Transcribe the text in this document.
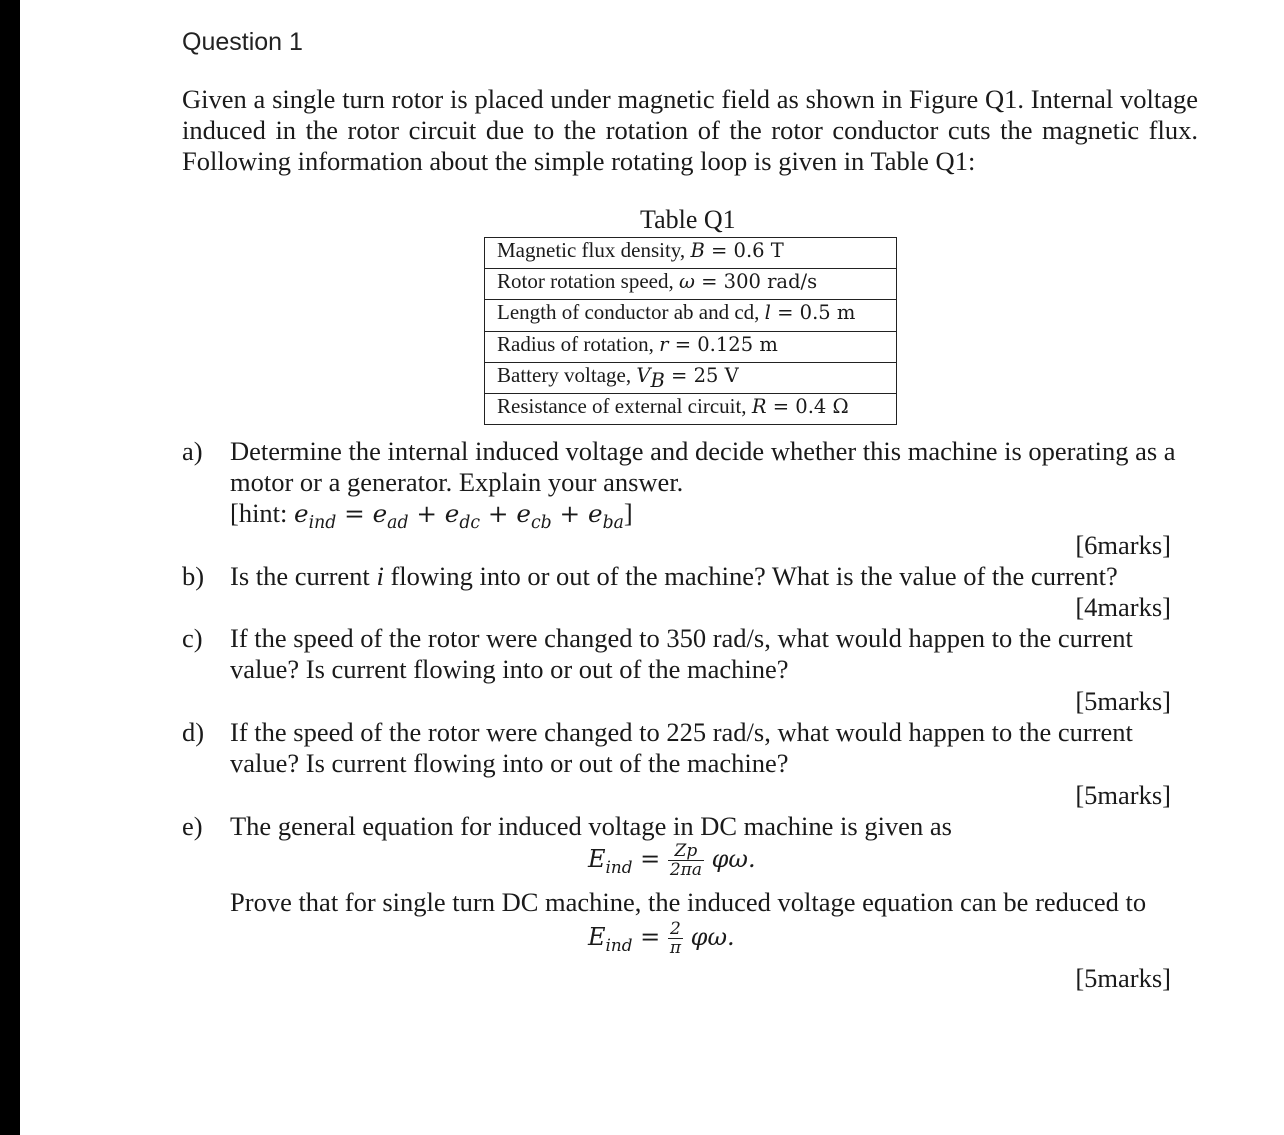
Question 1
Given a single turn rotor is placed under magnetic field as shown in Figure Q1. Internal voltage induced in the rotor circuit due to the rotation of the rotor conductor cuts the magnetic flux. Following information about the simple rotating loop is given in Table Q1:
Table Q1
Magnetic flux density, B = 0.6 T
Rotor rotation speed, ω = 300 rad/s
Length of conductor ab and cd, l = 0.5 m
Radius of rotation, r = 0.125 m
Battery voltage, $V_B = 25$ V
Resistance of external circuit, R = 0.4 Ω
a) Determine the internal induced voltage and decide whether this machine is operating as a motor or a generator. Explain your answer.
[hint: $e_{ind} = e_{ad} + e_{dc} + e_{cb} + e_{ba}$]
[6marks]
b) Is the current i flowing into or out of the machine? What is the value of the current?
[4marks]
c) If the speed of the rotor were changed to 350 rad/s, what would happen to the current value? Is current flowing into or out of the machine?
[5marks]
d) If the speed of the rotor were changed to 225 rad/s, what would happen to the current value? Is current flowing into or out of the machine?
[5marks]
e) The general equation for induced voltage in DC machine is given as
$E_{ind} = \frac{Zp}{2\pi a} \varphi\omega$.
Prove that for single turn DC machine, the induced voltage equation can be reduced to
$E_{ind} = \frac{2}{\pi} \varphi\omega$.
[5marks]
